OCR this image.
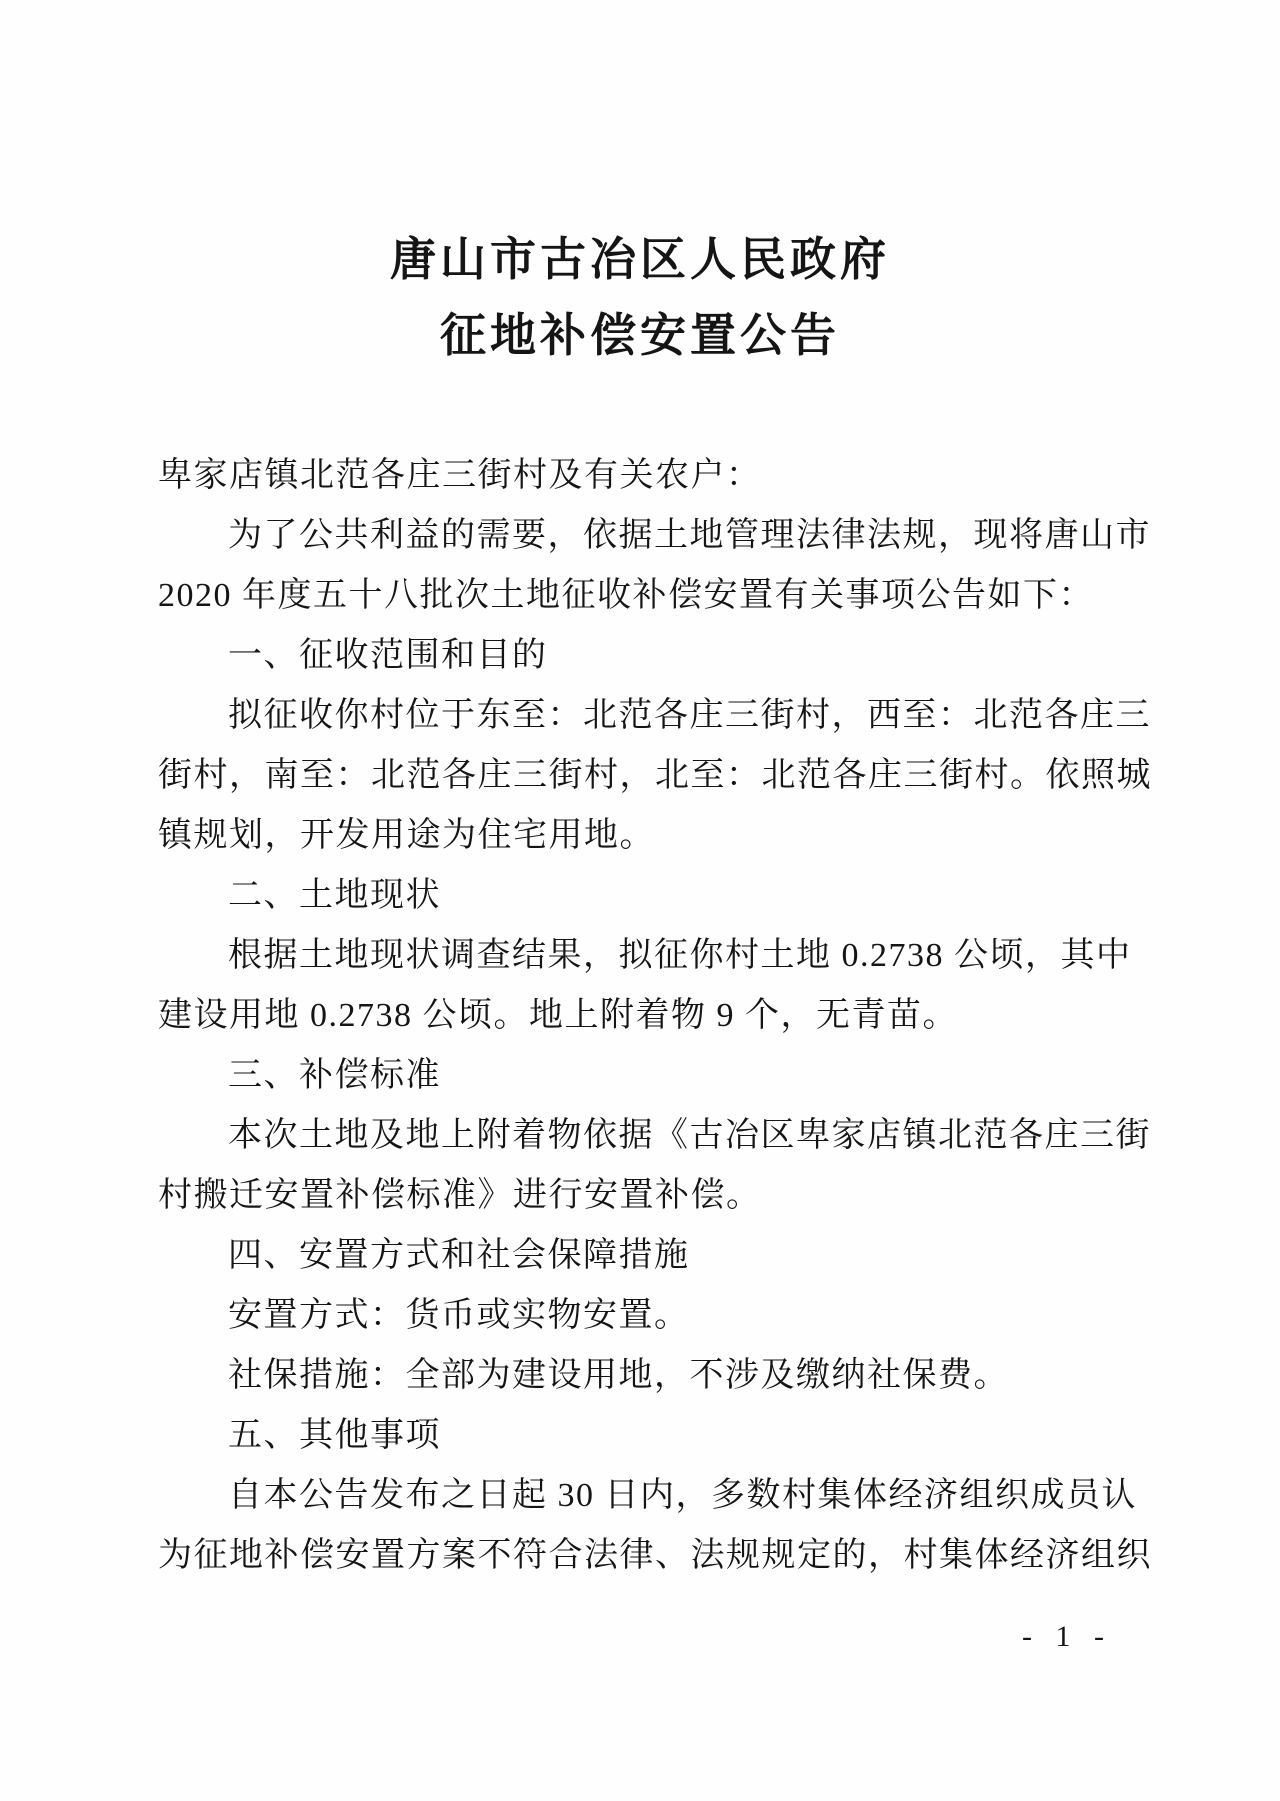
唐山市古冶区人民政府
征地补偿安置公告
卑家店镇北范各庄三街村及有关农户：
为了公共利益的需要，依据土地管理法律法规，现将唐山市
2020 年度五十八批次土地征收补偿安置有关事项公告如下：
一、征收范围和目的
拟征收你村位于东至：北范各庄三街村，西至：北范各庄三
街村，南至：北范各庄三街村，北至：北范各庄三街村。依照城
镇规划，开发用途为住宅用地。
二、土地现状
根据土地现状调查结果，拟征你村土地 0.2738 公顷，其中
建设用地 0.2738 公顷。地上附着物 9 个，无青苗。
三、补偿标准
本次土地及地上附着物依据《古冶区卑家店镇北范各庄三街
村搬迁安置补偿标准》进行安置补偿。
四、安置方式和社会保障措施
安置方式：货币或实物安置。
社保措施：全部为建设用地，不涉及缴纳社保费。
五、其他事项
自本公告发布之日起 30 日内，多数村集体经济组织成员认
为征地补偿安置方案不符合法律、法规规定的，村集体经济组织
- 1 -
